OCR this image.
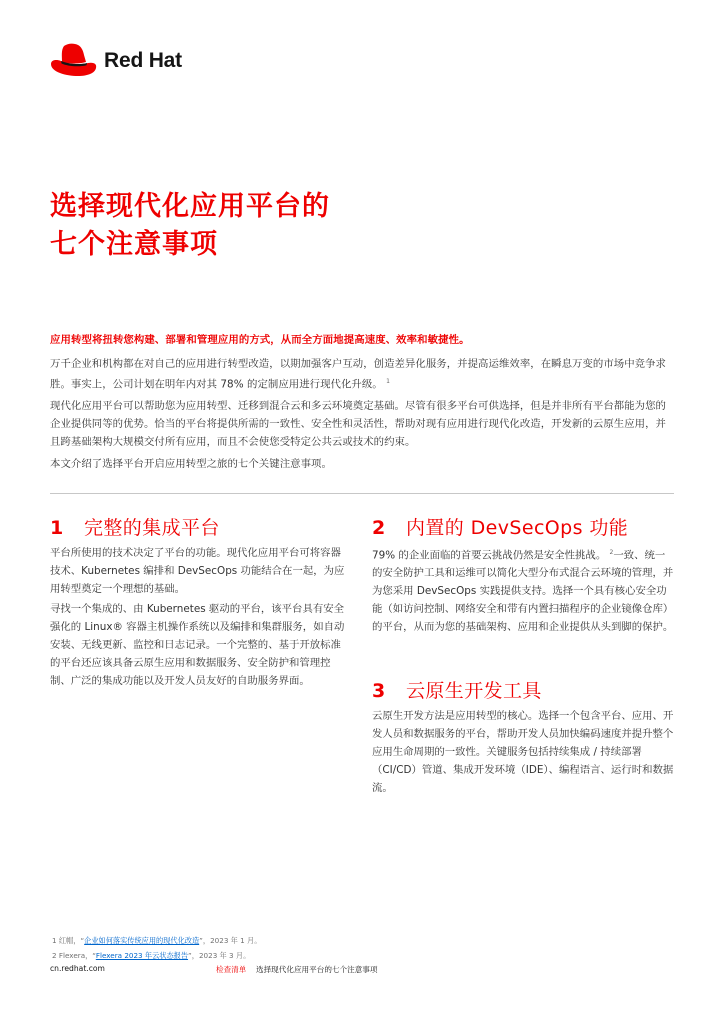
Red Hat
选择现代化应用平台的
七个注意事项

应用转型将扭转您构建、部署和管理应用的方式，从而全方面地提高速度、效率和敏捷性。

万千企业和机构都在对自己的应用进行转型改造，以期加强客户互动，创造差异化服务，并提高运维效率，在瞬息万变的市场中竞争求胜。事实上，公司计划在明年内对其 78% 的定制应用进行现代化升级。 $^1$

现代化应用平台可以帮助您为应用转型、迁移到混合云和多云环境奠定基础。尽管有很多平台可供选择，但是并非所有平台都能为您的企业提供同等的优势。恰当的平台将提供所需的一致性、安全性和灵活性，帮助对现有应用进行现代化改造，开发新的云原生应用，并且跨基础架构大规模交付所有应用，而且不会使您受特定公共云或技术的约束。

本文介绍了选择平台开启应用转型之旅的七个关键注意事项。

1	完整的集成平台

平台所使用的技术决定了平台的功能。现代化应用平台可将容器技术、Kubernetes 编排和 DevSecOps 功能结合在一起，为应用转型奠定一个理想的基础。

寻找一个集成的、由 Kubernetes 驱动的平台，该平台具有安全强化的 Linux® 容器主机操作系统以及编排和集群服务，如自动安装、无线更新、监控和日志记录。一个完整的、基于开放标准的平台还应该具备云原生应用和数据服务、安全防护和管理控制、广泛的集成功能以及开发人员友好的自助服务界面。

2	内置的 DevSecOps 功能

79% 的企业面临的首要云挑战仍然是安全性挑战。 $^2$一致、统一的安全防护工具和运维可以简化大型分布式混合云环境的管理，并为您采用 DevSecOps 实践提供支持。选择一个具有核心安全功能（如访问控制、网络安全和带有内置扫描程序的企业镜像仓库）的平台，从而为您的基础架构、应用和企业提供从头到脚的保护。

3	云原生开发工具

云原生开发方法是应用转型的核心。选择一个包含平台、应用、开发人员和数据服务的平台，帮助开发人员加快编码速度并提升整个应用生命周期的一致性。关键服务包括持续集成 / 持续部署（CI/CD）管道、集成开发环境（IDE）、编程语言、运行时和数据流。

1 红帽，“企业如何落实传统应用的现代化改造”，2023 年 1 月。
2 Flexera，“Flexera 2023 年云状态报告”，2023 年 3 月。
cn.redhat.com	检查清单 选择现代化应用平台的七个注意事项
